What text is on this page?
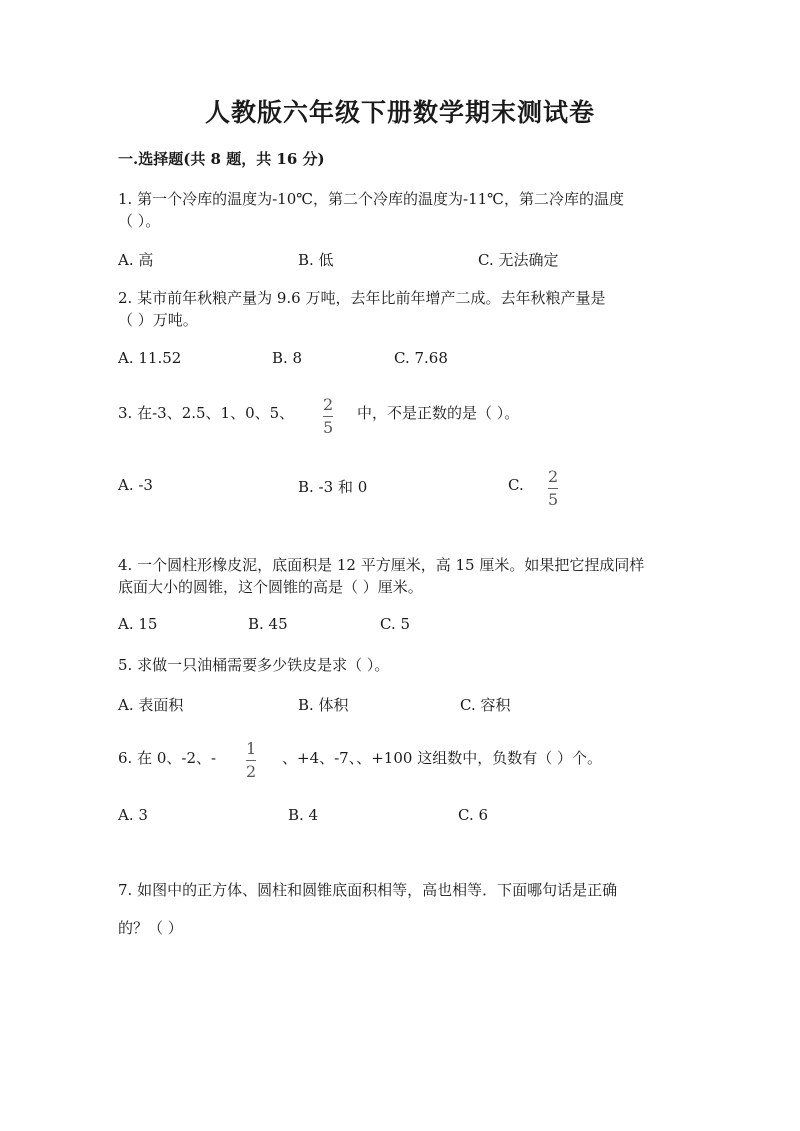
人教版六年级下册数学期末测试卷
一.选择题(共 8 题，共 16 分)
1. 第一个冷库的温度为-10℃，第二个冷库的温度为-11℃，第二冷库的温度
（ ）。
A. 高	B. 低	C. 无法确定
2. 某市前年秋粮产量为 9.6 万吨，去年比前年增产二成。去年秋粮产量是
（ ）万吨。
A. 11.52	B. 8	C. 7.68
3. 在-3、2.5、1、0、5、 $\frac{2}{5}$ 中，不是正数的是（ ）。
A. -3	B. -3 和 0	C. $\frac{2}{5}$
4. 一个圆柱形橡皮泥，底面积是 12 平方厘米，高 15 厘米。如果把它捏成同样
底面大小的圆锥，这个圆锥的高是（ ）厘米。
A. 15	B. 45	C. 5
5. 求做一只油桶需要多少铁皮是求（ ）。
A. 表面积	B. 体积	C. 容积
6. 在 0、-2、- $\frac{1}{2}$ 、+4、-7、、+100 这组数中，负数有（ ）个。
A. 3	B. 4	C. 6
7. 如图中的正方体、圆柱和圆锥底面积相等，高也相等．下面哪句话是正确
的？（ ）
